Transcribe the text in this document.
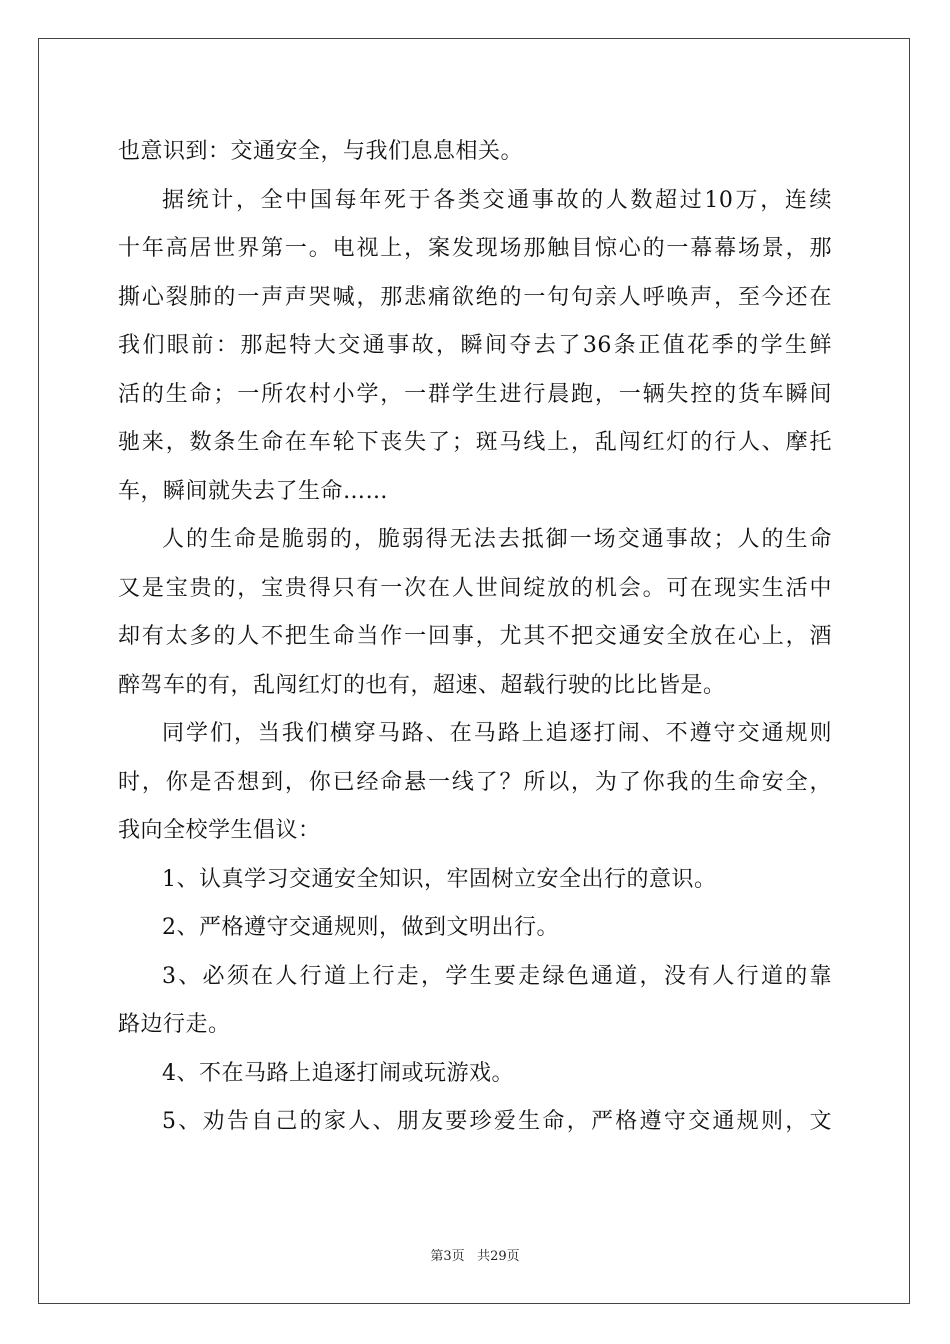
也意识到：交通安全，与我们息息相关。
据统计，全中国每年死于各类交通事故的人数超过10万，连续
十年高居世界第一。电视上，案发现场那触目惊心的一幕幕场景，那
撕心裂肺的一声声哭喊，那悲痛欲绝的一句句亲人呼唤声，至今还在
我们眼前：那起特大交通事故，瞬间夺去了36条正值花季的学生鲜
活的生命；一所农村小学，一群学生进行晨跑，一辆失控的货车瞬间
驰来，数条生命在车轮下丧失了；斑马线上，乱闯红灯的行人、摩托
车，瞬间就失去了生命……
人的生命是脆弱的，脆弱得无法去抵御一场交通事故；人的生命
又是宝贵的，宝贵得只有一次在人世间绽放的机会。可在现实生活中
却有太多的人不把生命当作一回事，尤其不把交通安全放在心上，酒
醉驾车的有，乱闯红灯的也有，超速、超载行驶的比比皆是。
同学们，当我们横穿马路、在马路上追逐打闹、不遵守交通规则
时，你是否想到，你已经命悬一线了？所以，为了你我的生命安全，
我向全校学生倡议：
1、认真学习交通安全知识，牢固树立安全出行的意识。
2、严格遵守交通规则，做到文明出行。
3、必须在人行道上行走，学生要走绿色通道，没有人行道的靠
路边行走。
4、不在马路上追逐打闹或玩游戏。
5、劝告自己的家人、朋友要珍爱生命，严格遵守交通规则，文
第3页 共29页
